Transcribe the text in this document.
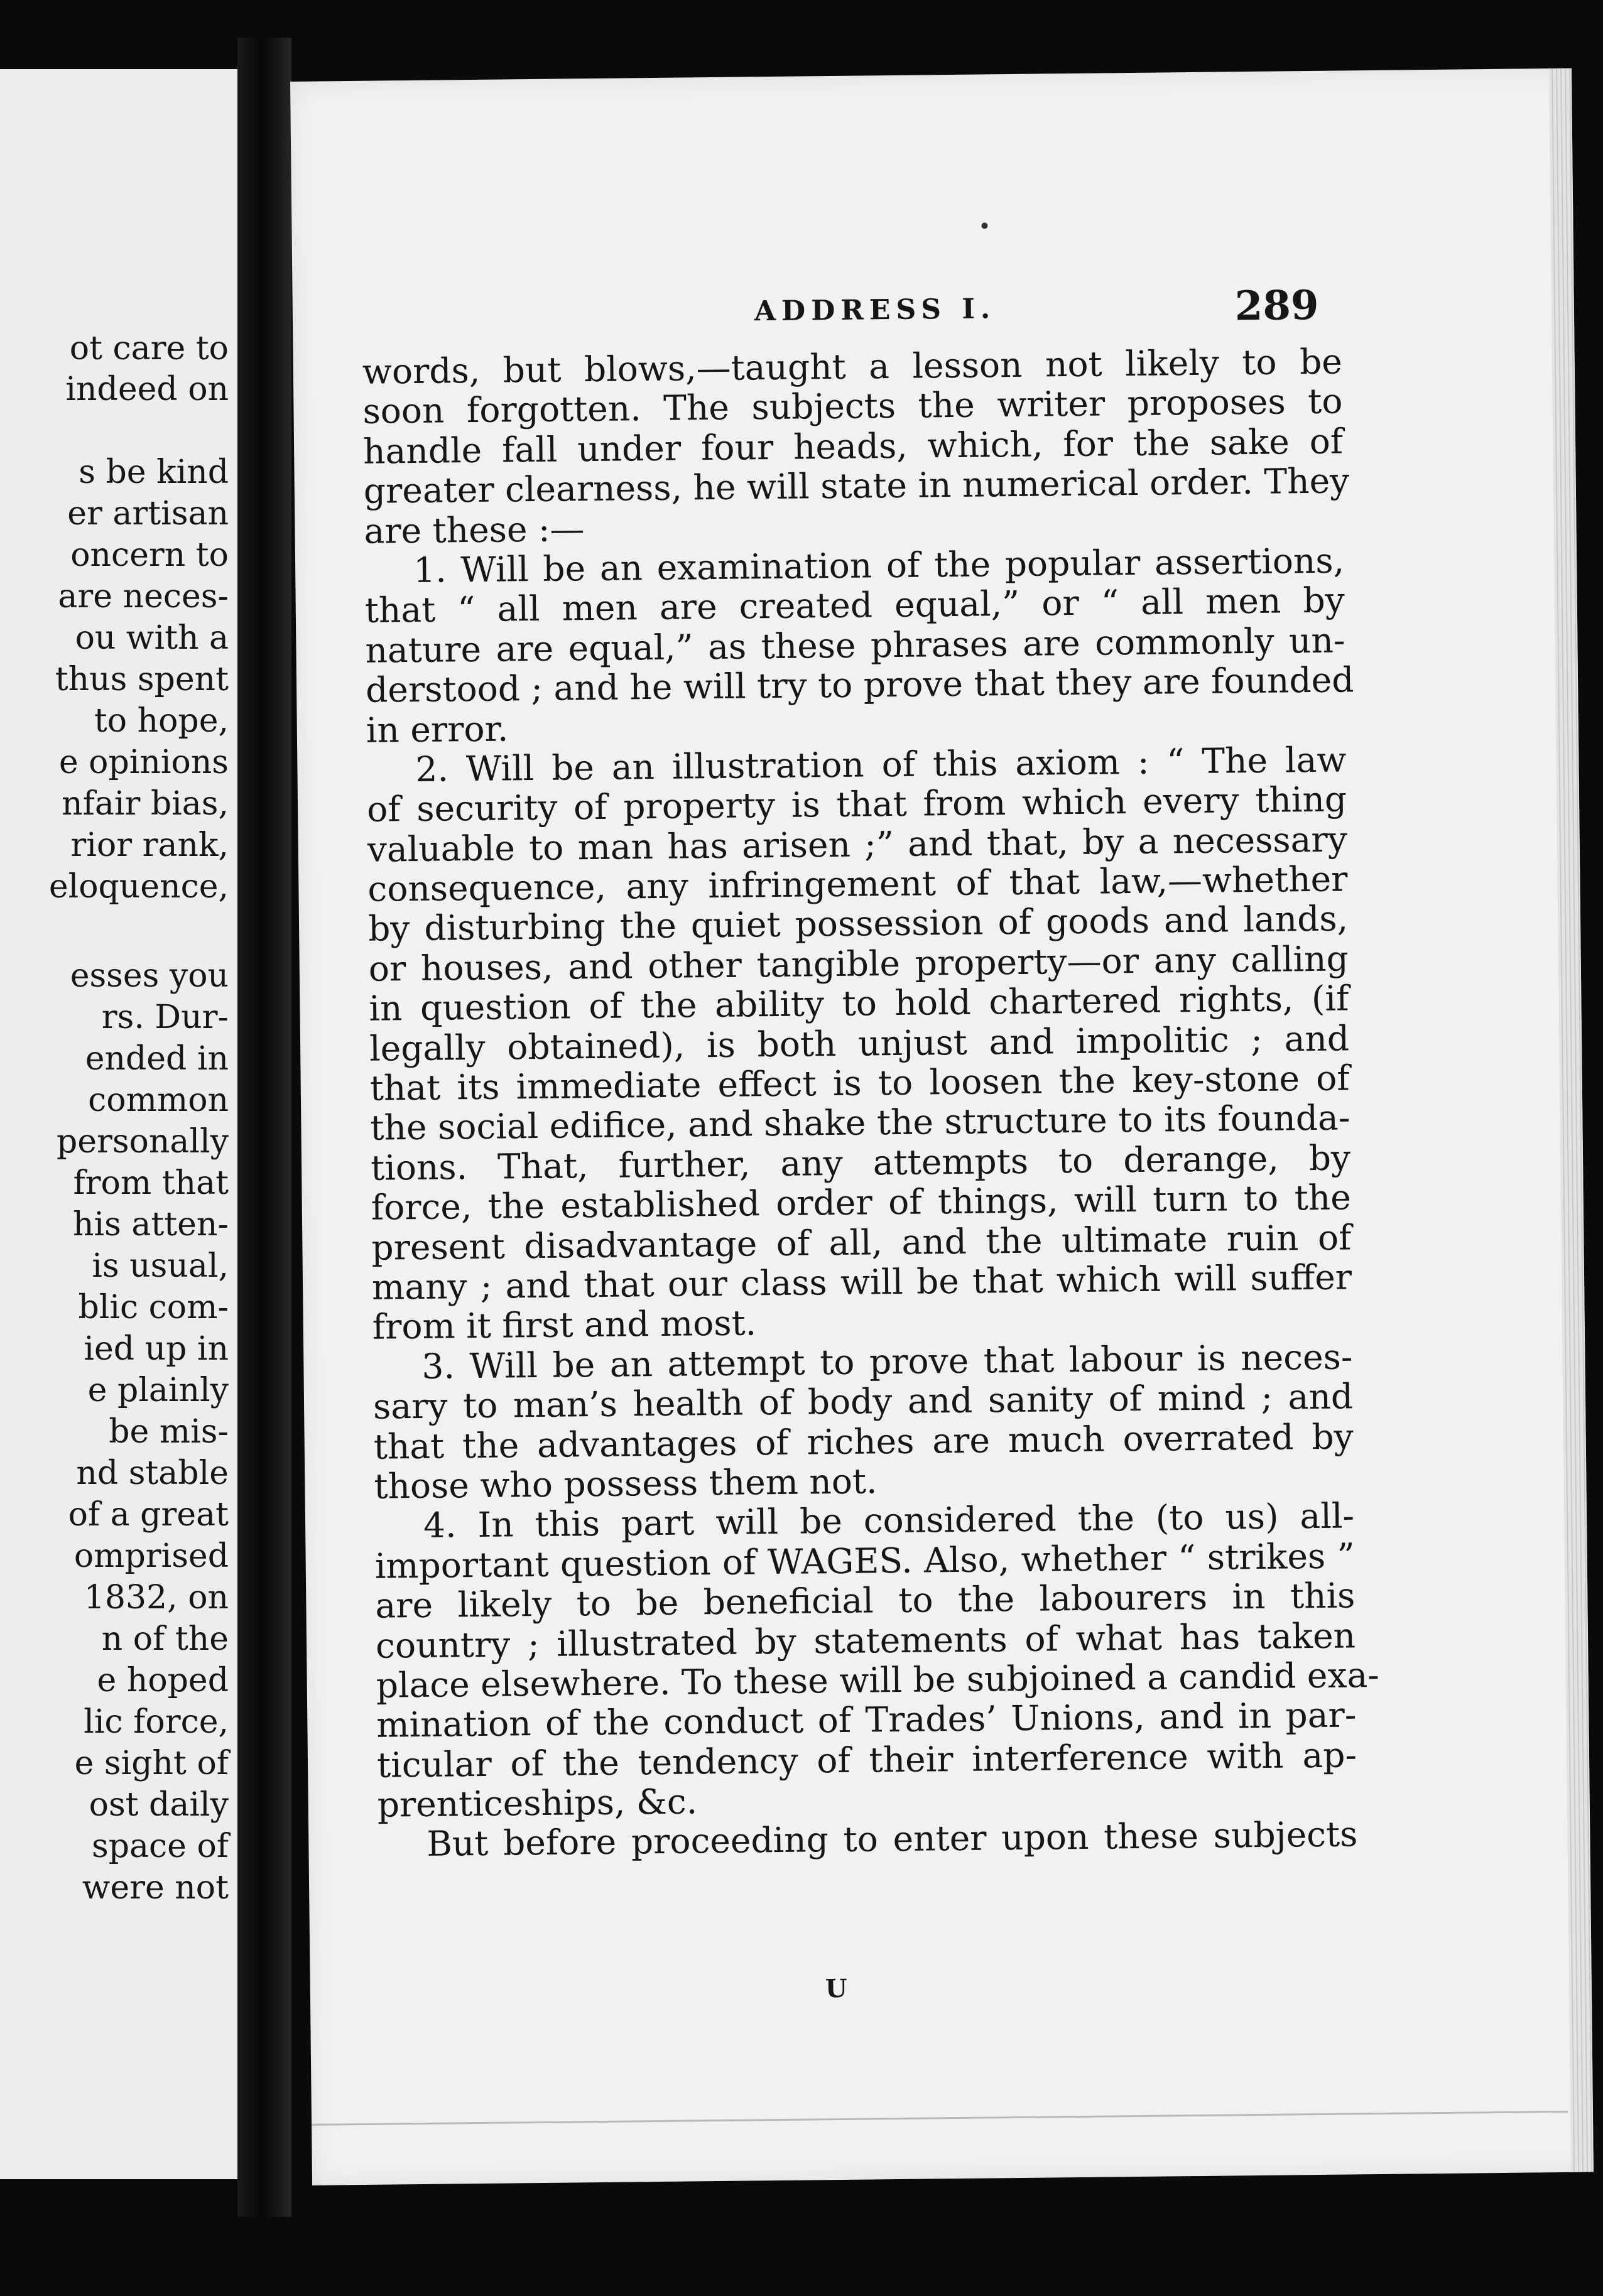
ot care to
indeed on
s be kind
er artisan
oncern to
are neces-
ou with a
thus spent
to hope,
e opinions
nfair bias,
rior rank,
eloquence,
esses you
rs. Dur-
ended in
common
personally
from that
his atten-
is usual,
blic com-
ied up in
e plainly
be mis-
nd stable
of a great
omprised
1832, on
n of the
e hoped
lic force,
e sight of
ost daily
space of
were not
ADDRESS I.	289
words, but blows,—taught a lesson not likely to be
soon forgotten. The subjects the writer proposes to
handle fall under four heads, which, for the sake of
greater clearness, he will state in numerical order. They
are these :—
1. Will be an examination of the popular assertions,
that “ all men are created equal,” or “ all men by
nature are equal,” as these phrases are commonly un-
derstood ; and he will try to prove that they are founded
in error.
2. Will be an illustration of this axiom : “ The law
of security of property is that from which every thing
valuable to man has arisen ;” and that, by a necessary
consequence, any infringement of that law,—whether
by disturbing the quiet possession of goods and lands,
or houses, and other tangible property—or any calling
in question of the ability to hold chartered rights, (if
legally obtained), is both unjust and impolitic ; and
that its immediate effect is to loosen the key-stone of
the social edifice, and shake the structure to its founda-
tions. That, further, any attempts to derange, by
force, the established order of things, will turn to the
present disadvantage of all, and the ultimate ruin of
many ; and that our class will be that which will suffer
from it first and most.
3. Will be an attempt to prove that labour is neces-
sary to man’s health of body and sanity of mind ; and
that the advantages of riches are much overrated by
those who possess them not.
4. In this part will be considered the (to us) all-
important question of WAGES. Also, whether “ strikes ”
are likely to be beneficial to the labourers in this
country ; illustrated by statements of what has taken
place elsewhere. To these will be subjoined a candid exa-
mination of the conduct of Trades’ Unions, and in par-
ticular of the tendency of their interference with ap-
prenticeships, &c.
But before proceeding to enter upon these subjects
U
